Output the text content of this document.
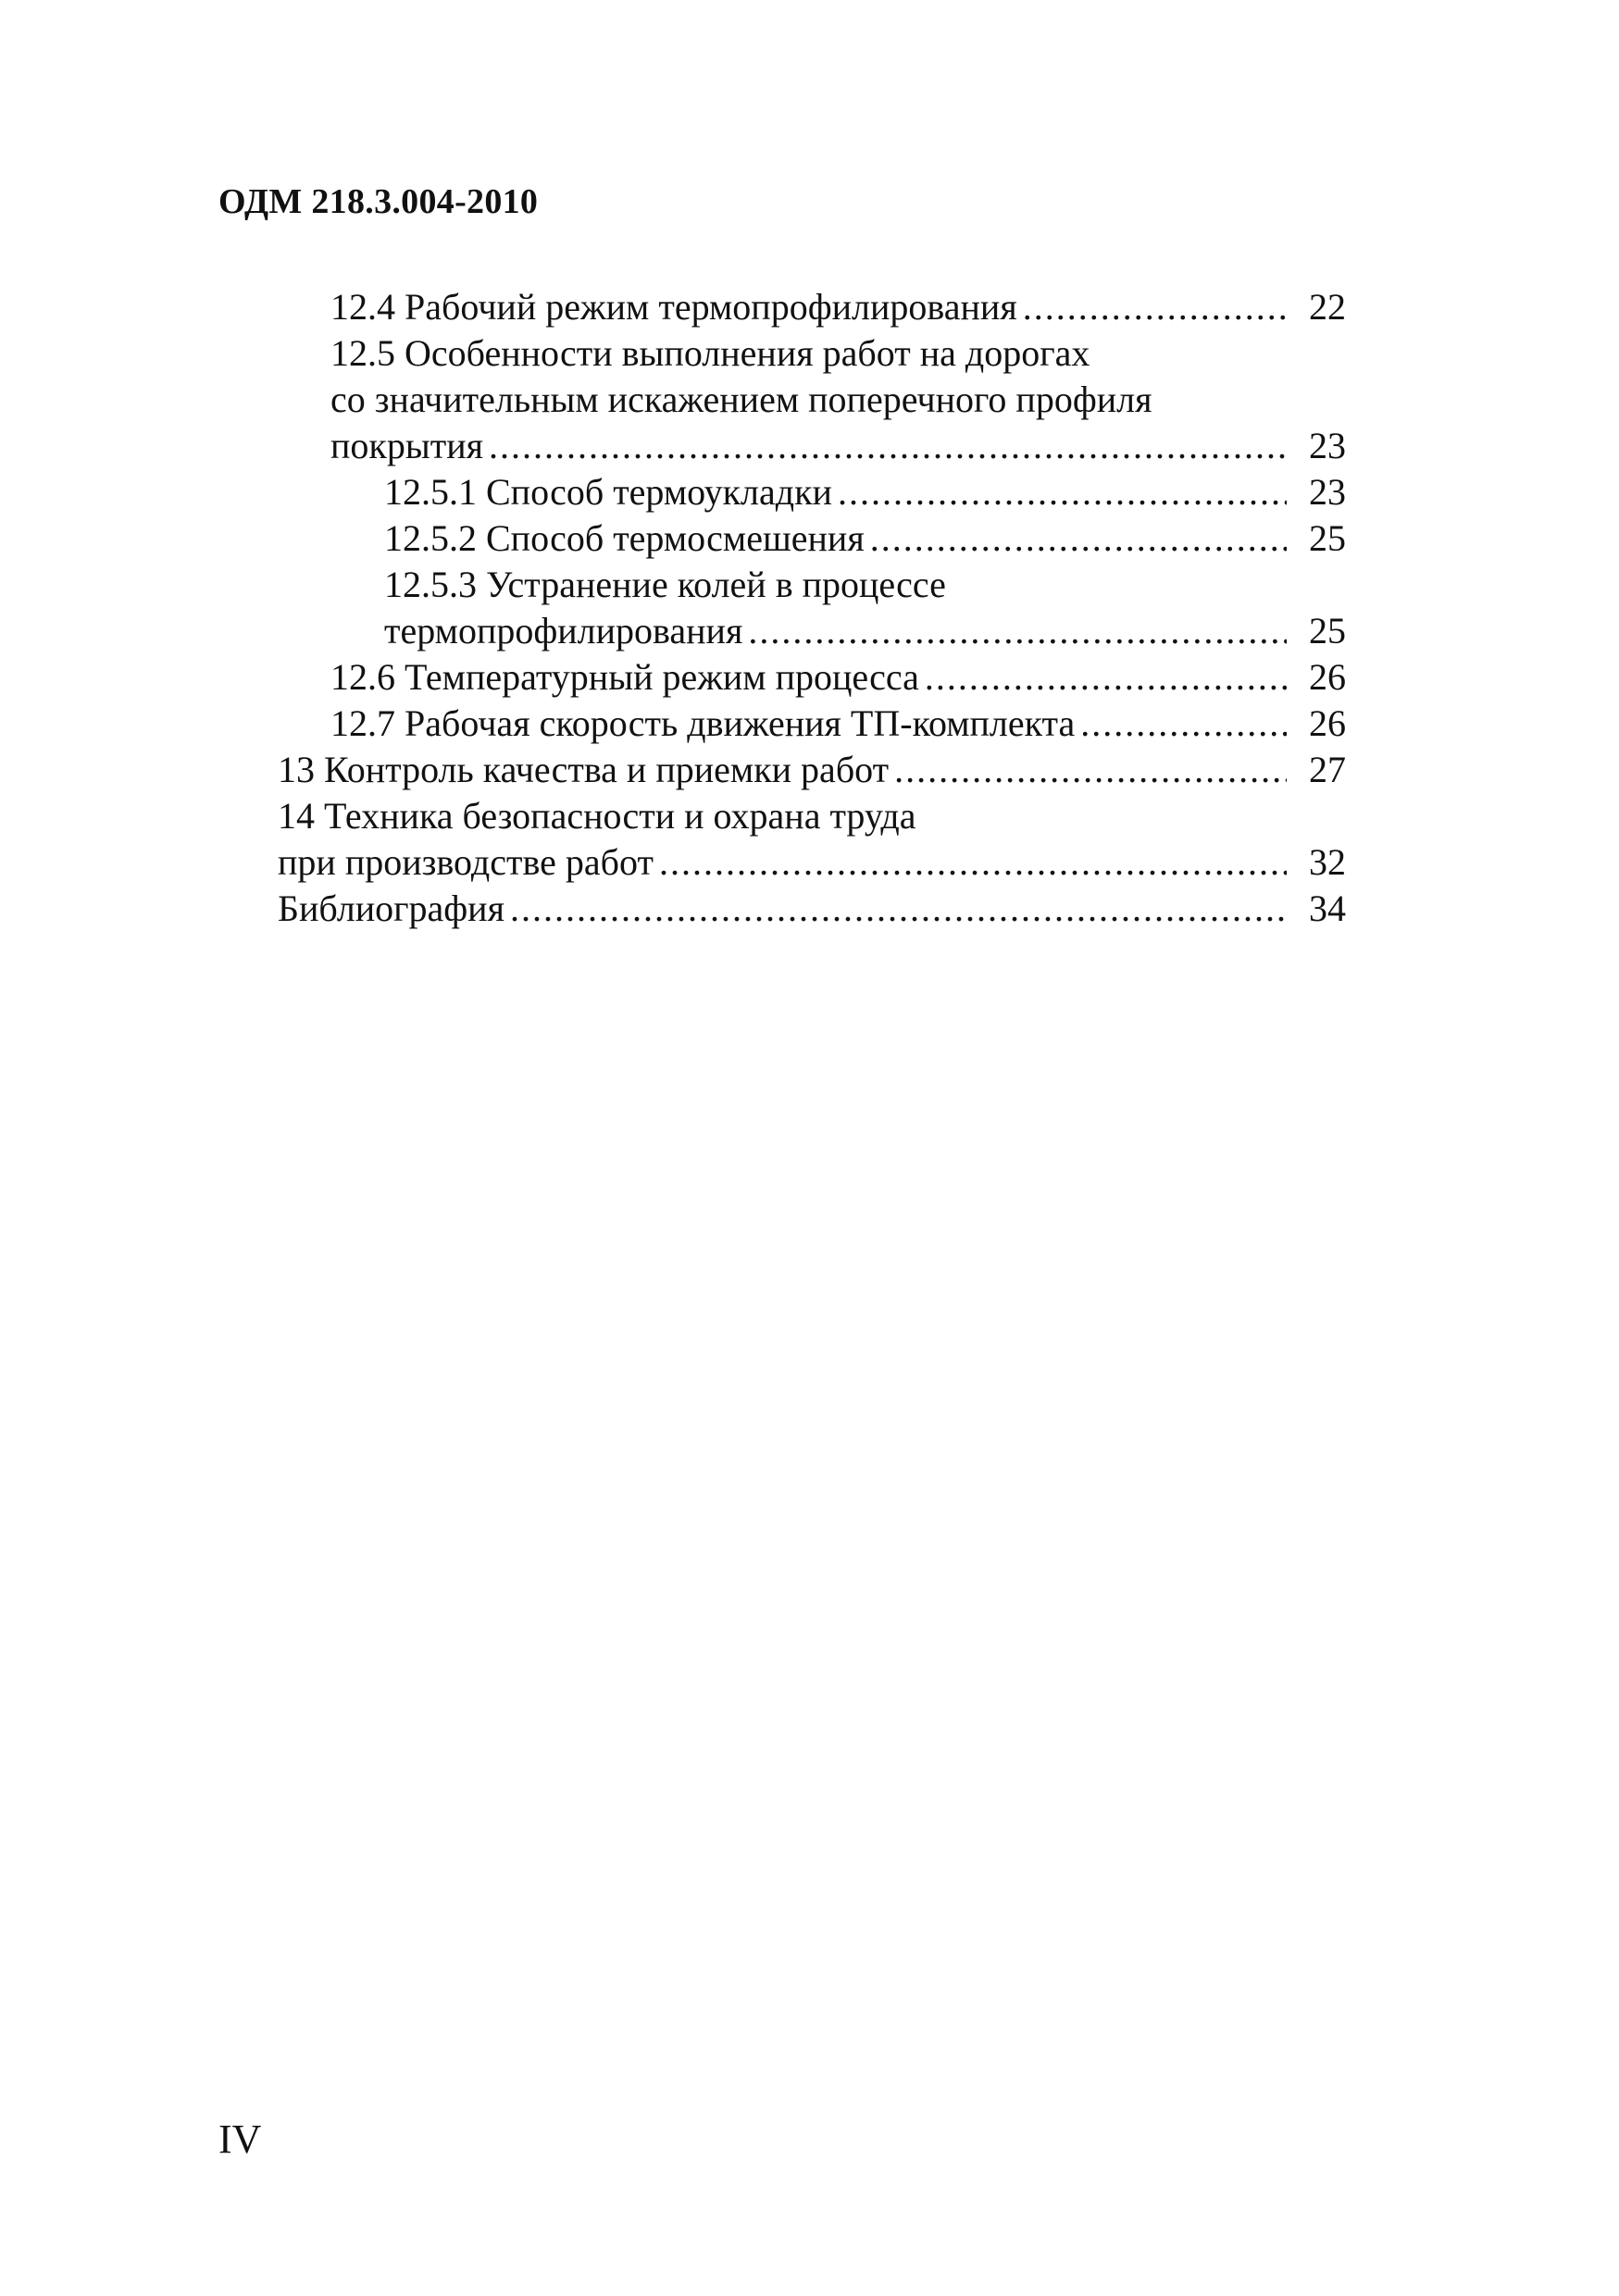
ОДМ 218.3.004-2010
12.4 Рабочий режим термопрофилирования .....	22
12.5 Особенности выполнения работ на дорогах
со значительным искажением поперечного профиля
покрытия .....	23
12.5.1 Способ термоукладки .....	23
12.5.2 Способ термосмешения .....	25
12.5.3 Устранение колей в процессе
термопрофилирования .....	25
12.6 Температурный режим процесса .....	26
12.7 Рабочая скорость движения ТП-комплекта .....	26
13 Контроль качества и приемки работ .....	27
14 Техника безопасности и охрана труда
при производстве работ .....	32
Библиография .....	34
IV
